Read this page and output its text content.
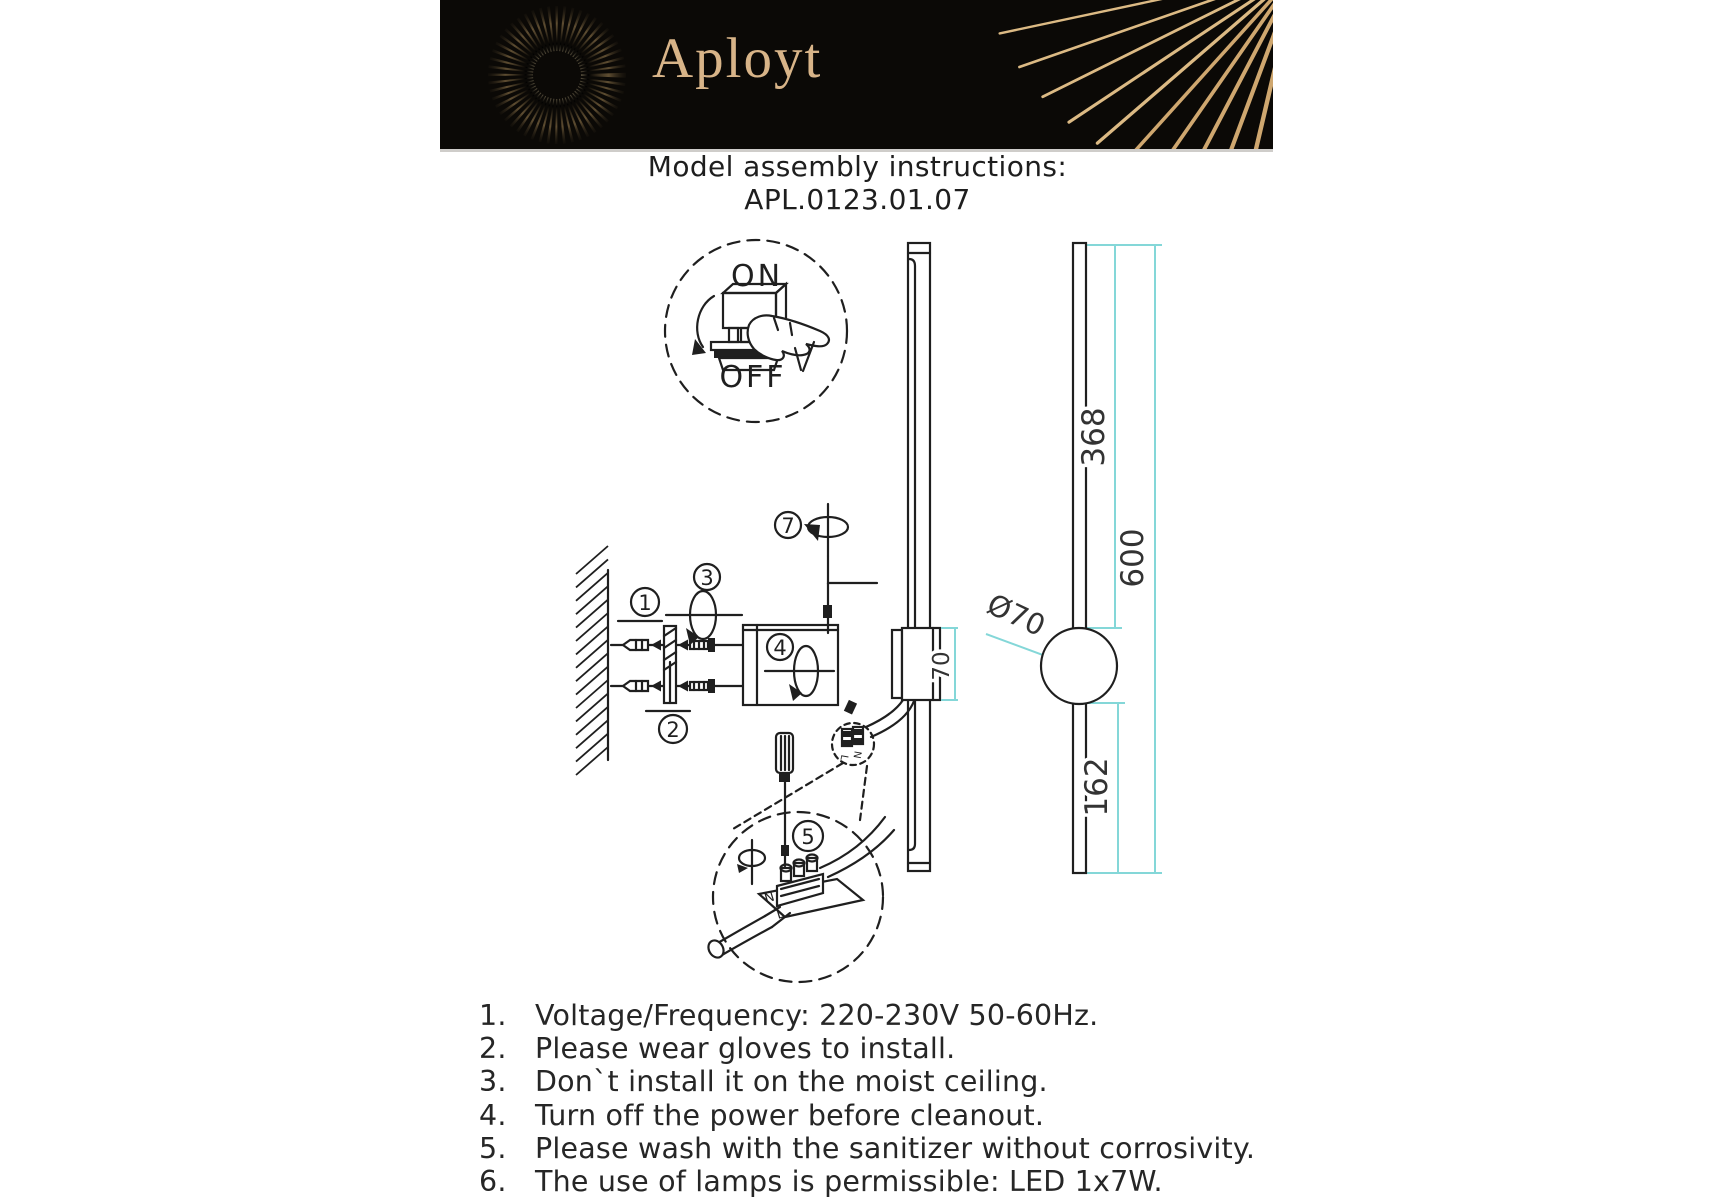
Aployt
Model assembly instructions:
APL.0123.01.07
ON
OFF
1
2
3
4
7
L N
N
L
5
368
600
162
70
Ø70
1. Voltage/Frequency: 220-230V 50-60Hz.
2. Please wear gloves to install.
3. Don`t install it on the moist ceiling.
4. Turn off the power before cleanout.
5. Please wash with the sanitizer without corrosivity.
6. The use of lamps is permissible: LED 1x7W.
